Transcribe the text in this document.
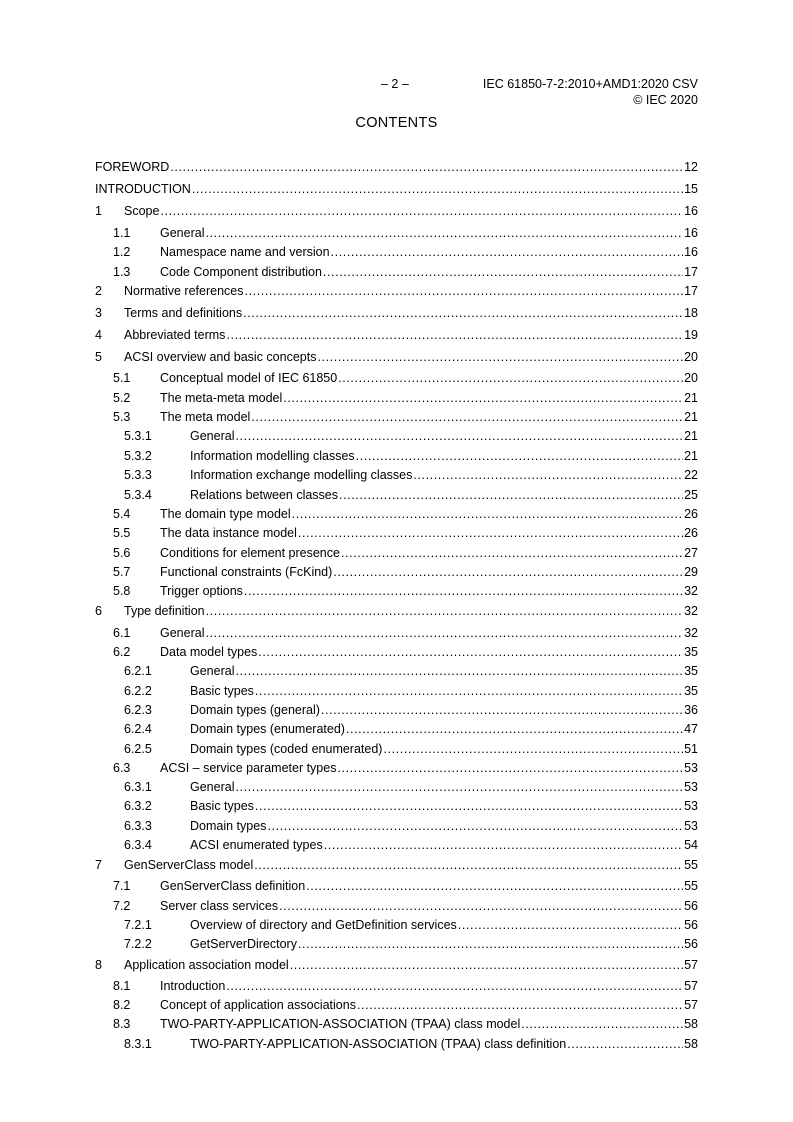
– 2 –	IEC 61850-7-2:2010+AMD1:2020 CSV
© IEC 2020
CONTENTS
FOREWORD .....	12
INTRODUCTION .....	15
1	Scope .....	16
1.1	General .....	16
1.2	Namespace name and version .....	16
1.3	Code Component distribution .....	17
2	Normative references .....	17
3	Terms and definitions .....	18
4	Abbreviated terms .....	19
5	ACSI overview and basic concepts .....	20
5.1	Conceptual model of IEC 61850 .....	20
5.2	The meta-meta model .....	21
5.3	The meta model .....	21
5.3.1	General .....	21
5.3.2	Information modelling classes .....	21
5.3.3	Information exchange modelling classes .....	22
5.3.4	Relations between classes .....	25
5.4	The domain type model .....	26
5.5	The data instance model .....	26
5.6	Conditions for element presence .....	27
5.7	Functional constraints (FcKind) .....	29
5.8	Trigger options .....	32
6	Type definition .....	32
6.1	General .....	32
6.2	Data model types .....	35
6.2.1	General .....	35
6.2.2	Basic types .....	35
6.2.3	Domain types (general) .....	36
6.2.4	Domain types (enumerated) .....	47
6.2.5	Domain types (coded enumerated) .....	51
6.3	ACSI – service parameter types .....	53
6.3.1	General .....	53
6.3.2	Basic types .....	53
6.3.3	Domain types .....	53
6.3.4	ACSI enumerated types .....	54
7	GenServerClass model .....	55
7.1	GenServerClass definition .....	55
7.2	Server class services .....	56
7.2.1	Overview of directory and GetDefinition services .....	56
7.2.2	GetServerDirectory .....	56
8	Application association model .....	57
8.1	Introduction .....	57
8.2	Concept of application associations .....	57
8.3	TWO-PARTY-APPLICATION-ASSOCIATION (TPAA) class model .....	58
8.3.1	TWO-PARTY-APPLICATION-ASSOCIATION (TPAA) class definition .....	58
